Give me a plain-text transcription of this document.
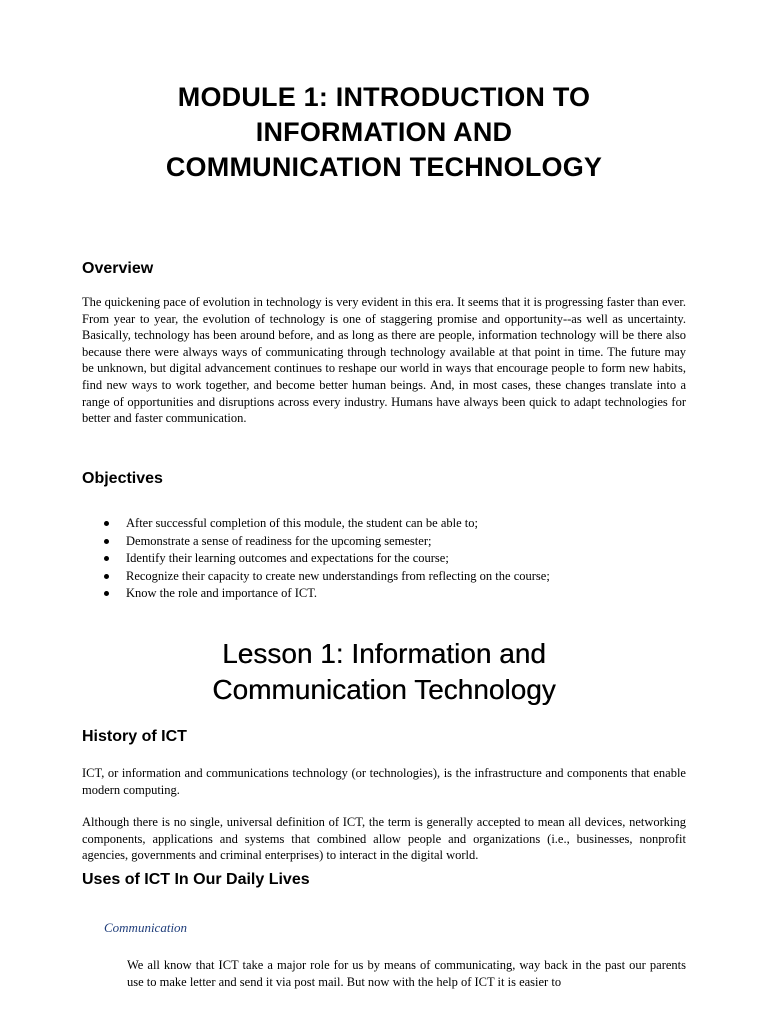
MODULE 1: INTRODUCTION TO
INFORMATION AND
COMMUNICATION TECHNOLOGY
Overview

The quickening pace of evolution in technology is very evident in this era. It seems that it is progressing faster than ever. From year to year, the evolution of technology is one of staggering promise and opportunity--as well as uncertainty. Basically, technology has been around before, and as long as there are people, information technology will be there also because there were always ways of communicating through technology available at that point in time. The future may be unknown, but digital advancement continues to reshape our world in ways that encourage people to form new habits, find new ways to work together, and become better human beings. And, in most cases, these changes translate into a range of opportunities and disruptions across every industry. Humans have always been quick to adapt technologies for better and faster communication.

Objectives
After successful completion of this module, the student can be able to;
Demonstrate a sense of readiness for the upcoming semester;
Identify their learning outcomes and expectations for the course;
Recognize their capacity to create new understandings from reflecting on the course;
Know the role and importance of ICT.
Lesson 1: Information and
Communication Technology
History of ICT

ICT, or information and communications technology (or technologies), is the infrastructure and components that enable modern computing.

Although there is no single, universal definition of ICT, the term is generally accepted to mean all devices, networking components, applications and systems that combined allow people and organizations (i.e., businesses, nonprofit agencies, governments and criminal enterprises) to interact in the digital world.

Uses of ICT In Our Daily Lives
Communication

We all know that ICT take a major role for us by means of communicating, way back in the past our parents use to make letter and send it via post mail. But now with the help of ICT it is easier to
